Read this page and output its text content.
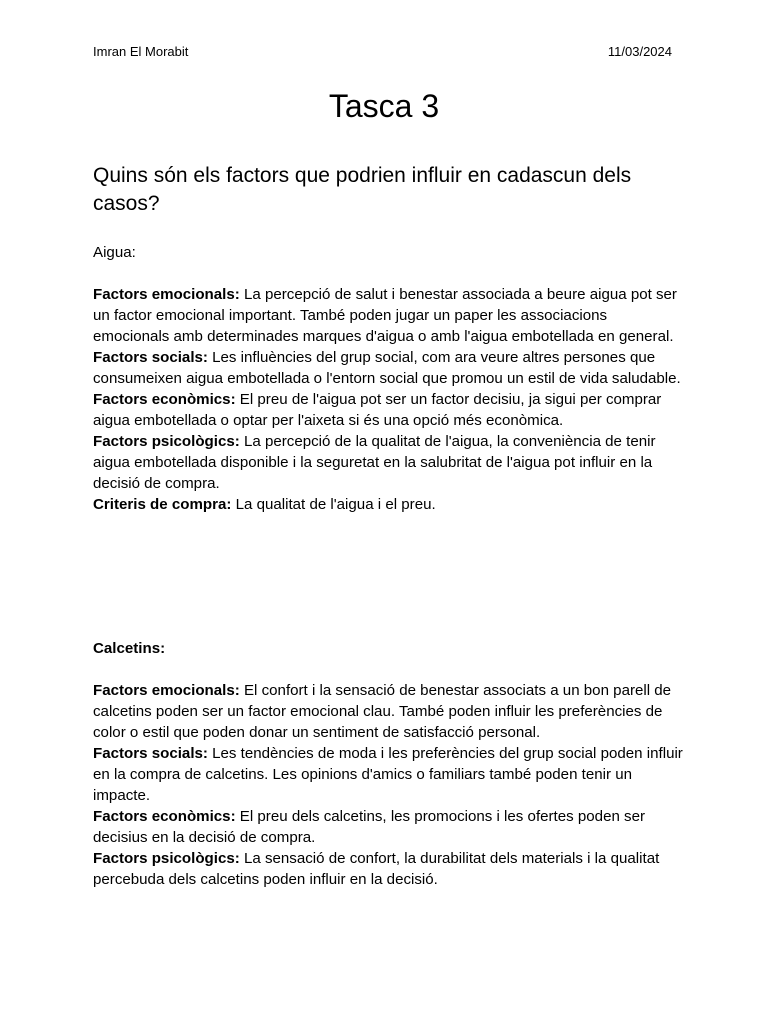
Imran El Morabit	11/03/2024
Tasca 3
Quins són els factors que podrien influir en cadascun dels casos?
Aigua:

Factors emocionals: La percepció de salut i benestar associada a beure aigua pot ser un factor emocional important. També poden jugar un paper les associacions emocionals amb determinades marques d'aigua o amb l'aigua embotellada en general.

Factors socials: Les influències del grup social, com ara veure altres persones que consumeixen aigua embotellada o l'entorn social que promou un estil de vida saludable.

Factors econòmics: El preu de l'aigua pot ser un factor decisiu, ja sigui per comprar aigua embotellada o optar per l'aixeta si és una opció més econòmica.

Factors psicològics: La percepció de la qualitat de l'aigua, la conveniència de tenir aigua embotellada disponible i la seguretat en la salubritat de l'aigua pot influir en la decisió de compra.

Criteris de compra: La qualitat de l'aigua i el preu.

Calcetins:

Factors emocionals: El confort i la sensació de benestar associats a un bon parell de calcetins poden ser un factor emocional clau. També poden influir les preferències de color o estil que poden donar un sentiment de satisfacció personal.

Factors socials: Les tendències de moda i les preferències del grup social poden influir en la compra de calcetins. Les opinions d'amics o familiars també poden tenir un impacte.

Factors econòmics: El preu dels calcetins, les promocions i les ofertes poden ser decisius en la decisió de compra.

Factors psicològics: La sensació de confort, la durabilitat dels materials i la qualitat percebuda dels calcetins poden influir en la decisió.
